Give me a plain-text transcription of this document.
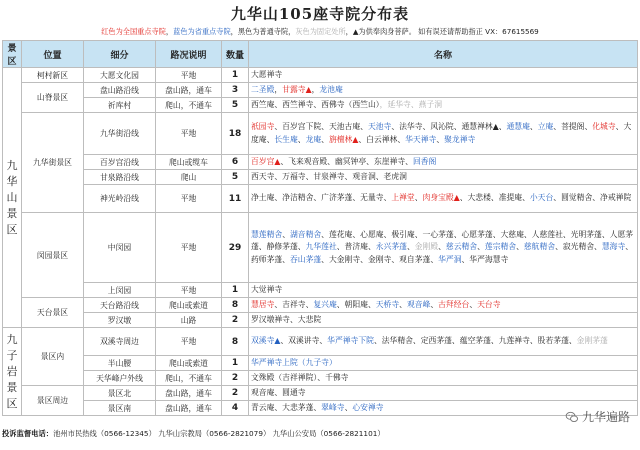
九华山105座寺院分布表
红色为全国重点寺院，蓝色为省重点寺院，黑色为普通寺院，灰色为固定处所，▲为供奉肉身菩萨。 如有误还请帮助指正 VX：67615569
景区	位置	细分	路况说明	数量	名称
九华山景区	柯村新区	大愿文化园	平地	1	大愿禅寺
	山脊景区	盘山路沿线	盘山路，通车	3	二圣殿，甘露寺▲，龙池庵
		祈库村	爬山，不通车	5	西竺庵、西竺禅寺、西佛寺（西竺山），延华寺、燕子洞
	九华街景区	九华街沿线	平地	18	祇园寺、百岁宫下院、天池古庵、天池寺、法华寺、风沁院、通慧禅林▲、通慧庵、立庵、菩提阁、化城寺、大度庵、长生庵、龙庵、旃檀林▲、白云禅林、华天禅寺、聚龙禅寺
		百岁宫沿线	爬山或缆车	6	百岁宫▲、飞来观音殿、幽冥钟亭、东崖禅寺、回香阁
		甘泉路沿线	爬山	5	西天寺、万福寺、甘泉禅寺、观音洞、老虎洞
		神光岭沿线	平地	11	净土庵、净洁精舍、广济茅蓬、无量寺、上禅堂、肉身宝殿▲、大悲楼、准提庵、小天台、圆觉精舍、净戒禅院
	闵园景区	中闵园	平地	29	慧莲精舍、湖音精舍、莲花庵、心愿庵、极引庵、一心茅蓬、心愿茅蓬、大慈庵、人慈莲社、光明茅蓬、人愿茅蓬、静修茅蓬、九华莲社、普济庵、永兴茅蓬、金刚殿、慈云精舍、莲宗精舍、慈航精舍、寂光精舍、慧海寺、药师茅蓬、吞山茅蓬、大金刚寺、金刚寺、观自茅蓬、华严洞、华严海慧寺
		上闵园	平地	1	大觉禅寺
	天台景区	天台路沿线	爬山或索道	8	慧居寺、吉祥寺、复兴庵、朝阳庵、天桥寺、观音峰、古拜经台、天台寺
		罗汉墩	山路	2	罗汉墩禅寺、大悲院
九子岩景区	景区内	双溪寺周边	平地	8	双溪寺▲、双溪讲寺、华严禅寺下院、法华精舍、定西茅蓬、蕴空茅蓬、九莲禅寺、股若茅蓬、金刚茅蓬
		半山腰	爬山或索道	1	华严禅寺上院（九子寺）
		天华峰户外线	爬山，不通车	2	文殊殿（吉祥禅院）、千佛寺
	景区周边	景区北	盘山路，通车	2	观音庵、圆通寺
		景区南	盘山路，通车	4	青云庵、大悲茅蓬、翠峰寺、心安禅寺
九华遍路
投诉监督电话：池州市民热线（0566-12345） 九华山宗教局（0566-2821079） 九华山公安局（0566-2821101）
